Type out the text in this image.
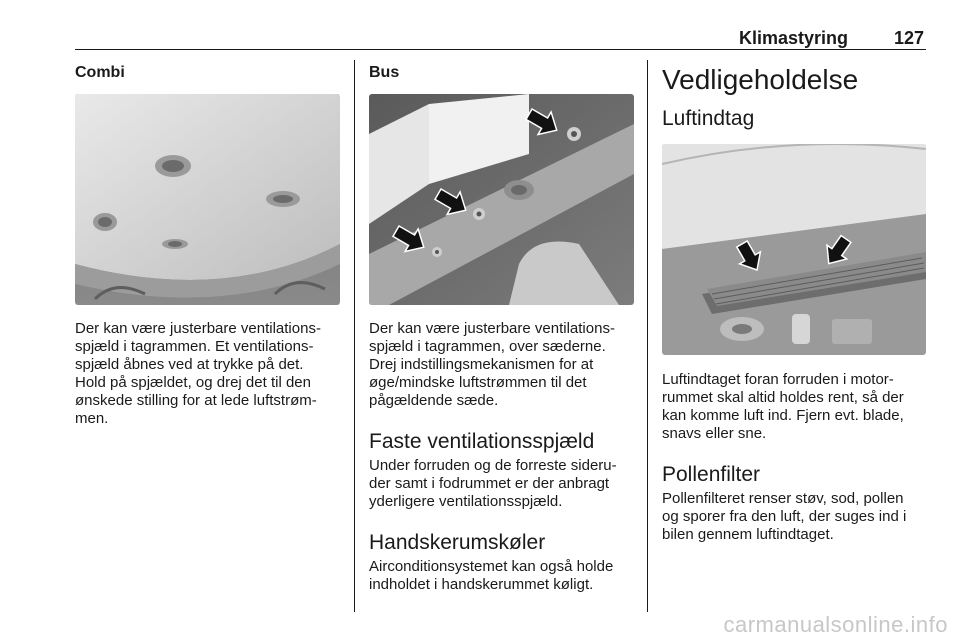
Klimastyring	127
Combi

Der kan være justerbare ventilations-
spjæld i tagrammen. Et ventilations-
spjæld åbnes ved at trykke på det.
Hold på spjældet, og drej det til den
ønskede stilling for at lede luftstrøm-
men.

Bus

Der kan være justerbare ventilations-
spjæld i tagrammen, over sæderne.
Drej indstillingsmekanismen for at
øge/mindske luftstrømmen til det
pågældende sæde.

Faste ventilationsspjæld

Under forruden og de forreste sideru-
der samt i fodrummet er der anbragt
yderligere ventilationsspjæld.

Handskerumskøler

Airconditionsystemet kan også holde
indholdet i handskerummet køligt.

Vedligeholdelse
Luftindtag

Luftindtaget foran forruden i motor-
rummet skal altid holdes rent, så der
kan komme luft ind. Fjern evt. blade,
snavs eller sne.

Pollenfilter

Pollenfilteret renser støv, sod, pollen
og sporer fra den luft, der suges ind i
bilen gennem luftindtaget.

carmanualsonline.info
